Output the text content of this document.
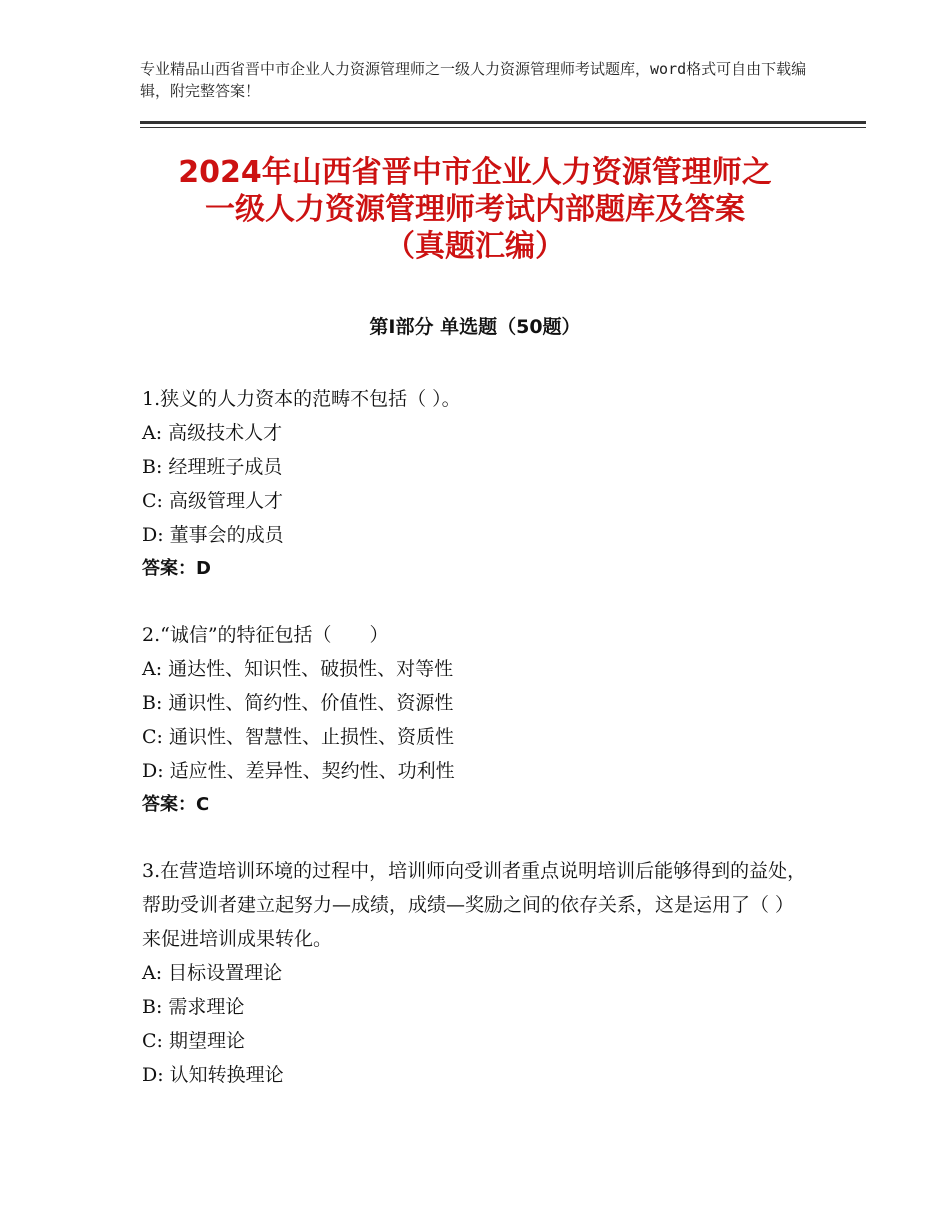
专业精品山西省晋中市企业人力资源管理师之一级人力资源管理师考试题库，word格式可自由下载编辑，附完整答案！
2024年山西省晋中市企业人力资源管理师之
一级人力资源管理师考试内部题库及答案
（真题汇编）
第Ⅰ部分 单选题（50题）
1.狭义的人力资本的范畴不包括（ ）。
A: 高级技术人才
B: 经理班子成员
C: 高级管理人才
D: 董事会的成员
答案：D
2.“诚信”的特征包括（　　）
A: 通达性、知识性、破损性、对等性
B: 通识性、简约性、价值性、资源性
C: 通识性、智慧性、止损性、资质性
D: 适应性、差异性、契约性、功利性
答案：C
3.在营造培训环境的过程中，培训师向受训者重点说明培训后能够得到的益处，帮助受训者建立起努力—成绩，成绩—奖励之间的依存关系，这是运用了（ ）来促进培训成果转化。
A: 目标设置理论
B: 需求理论
C: 期望理论
D: 认知转换理论
